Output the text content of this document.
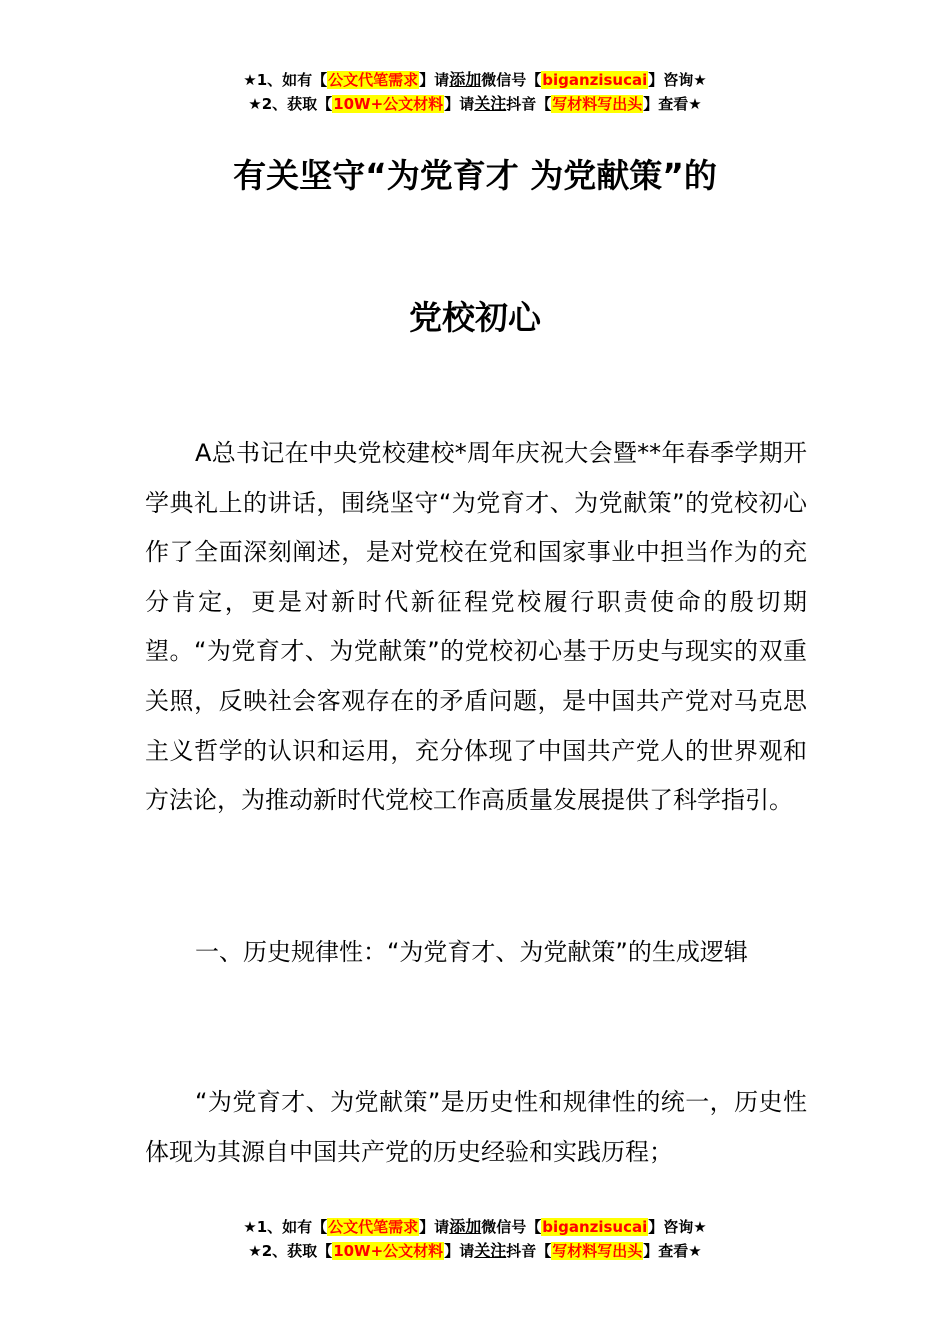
★1、如有【公文代笔需求】请添加微信号【biganzisucai】咨询★
★2、获取【10W+公文材料】请关注抖音【写材料写出头】查看★
有关坚守“为党育才 为党献策”的
党校初心

A总书记在中央党校建校*周年庆祝大会暨**年春季学期开学典礼上的讲话，围绕坚守“为党育才、为党献策”的党校初心作了全面深刻阐述，是对党校在党和国家事业中担当作为的充分肯定，更是对新时代新征程党校履行职责使命的殷切期望。“为党育才、为党献策”的党校初心基于历史与现实的双重关照，反映社会客观存在的矛盾问题，是中国共产党对马克思主义哲学的认识和运用，充分体现了中国共产党人的世界观和方法论，为推动新时代党校工作高质量发展提供了科学指引。

一、历史规律性：“为党育才、为党献策”的生成逻辑

“为党育才、为党献策”是历史性和规律性的统一，历史性体现为其源自中国共产党的历史经验和实践历程；

★1、如有【公文代笔需求】请添加微信号【biganzisucai】咨询★
★2、获取【10W+公文材料】请关注抖音【写材料写出头】查看★
